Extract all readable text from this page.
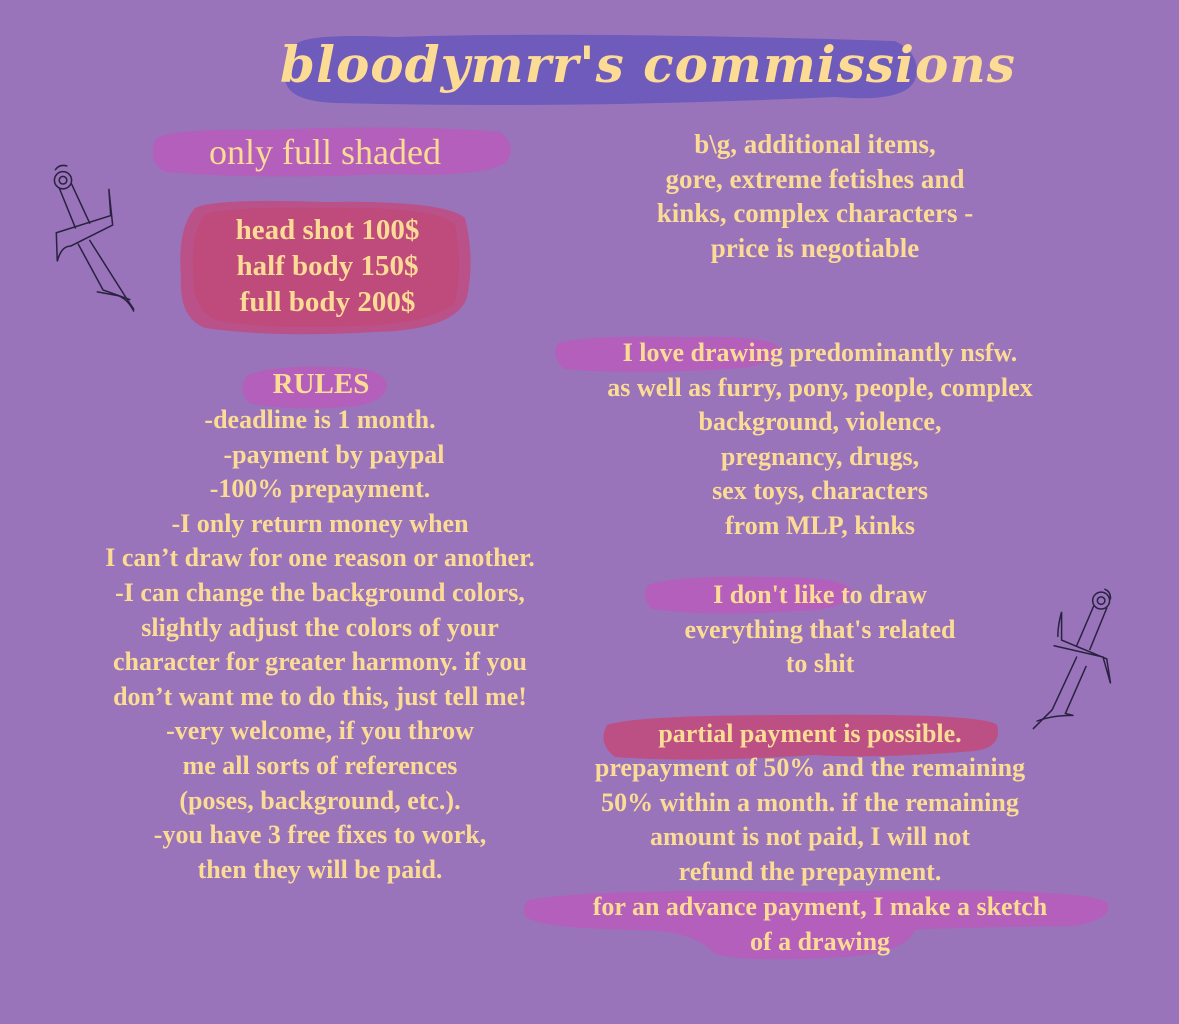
bloodymrr's commissions
only full shaded
head shot 100$
half body 150$
full body 200$
b\g, additional items,
gore, extreme fetishes and
kinks, complex characters -
price is negotiable
RULES
-deadline is 1 month.
-payment by paypal
-100% prepayment.
-I only return money when
I can’t draw for one reason or another.
-I can change the background colors,
slightly adjust the colors of your
character for greater harmony. if you
don’t want me to do this, just tell me!
-very welcome, if you throw
me all sorts of references
(poses, background, etc.).
-you have 3 free fixes to work,
then they will be paid.
I love drawing predominantly nsfw.
as well as furry, pony, people, complex
background, violence,
pregnancy, drugs,
sex toys, characters
from MLP, kinks
I don't like to draw
everything that's related
to shit
partial payment is possible.
prepayment of 50% and the remaining
50% within a month. if the remaining
amount is not paid, I will not
refund the prepayment.
for an advance payment, I make a sketch
of a drawing
